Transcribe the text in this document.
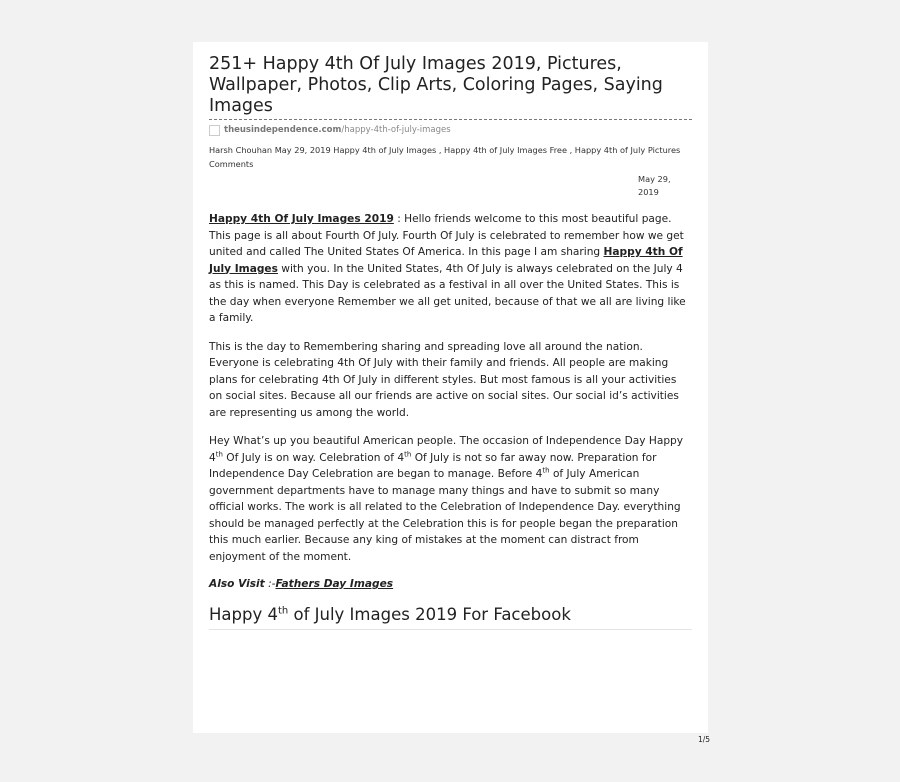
251+ Happy 4th Of July Images 2019, Pictures, Wallpaper, Photos, Clip Arts, Coloring Pages, Saying Images
theusindependence.com/happy-4th-of-july-images
Harsh Chouhan May 29, 2019 Happy 4th of July Images , Happy 4th of July Images Free , Happy 4th of July Pictures
Comments
May 29, 2019

Happy 4th Of July Images 2019 : Hello friends welcome to this most beautiful page. This page is all about Fourth Of July. Fourth Of July is celebrated to remember how we get united and called The United States Of America. In this page I am sharing Happy 4th Of July Images with you. In the United States, 4th Of July is always celebrated on the July 4 as this is named. This Day is celebrated as a festival in all over the United States. This is the day when everyone Remember we all get united, because of that we all are living like a family.

This is the day to Remembering sharing and spreading love all around the nation. Everyone is celebrating 4th Of July with their family and friends. All people are making plans for celebrating 4th Of July in different styles. But most famous is all your activities on social sites. Because all our friends are active on social sites. Our social id’s activities are representing us among the world.

Hey What’s up you beautiful American people. The occasion of Independence Day Happy 4th Of July is on way. Celebration of 4th Of July is not so far away now. Preparation for Independence Day Celebration are began to manage. Before 4th of July American government departments have to manage many things and have to submit so many official works. The work is all related to the Celebration of Independence Day. everything should be managed perfectly at the Celebration this is for people began the preparation this much earlier. Because any king of mistakes at the moment can distract from enjoyment of the moment.

Also Visit :-Fathers Day Images
Happy 4th of July Images 2019 For Facebook
1/5
